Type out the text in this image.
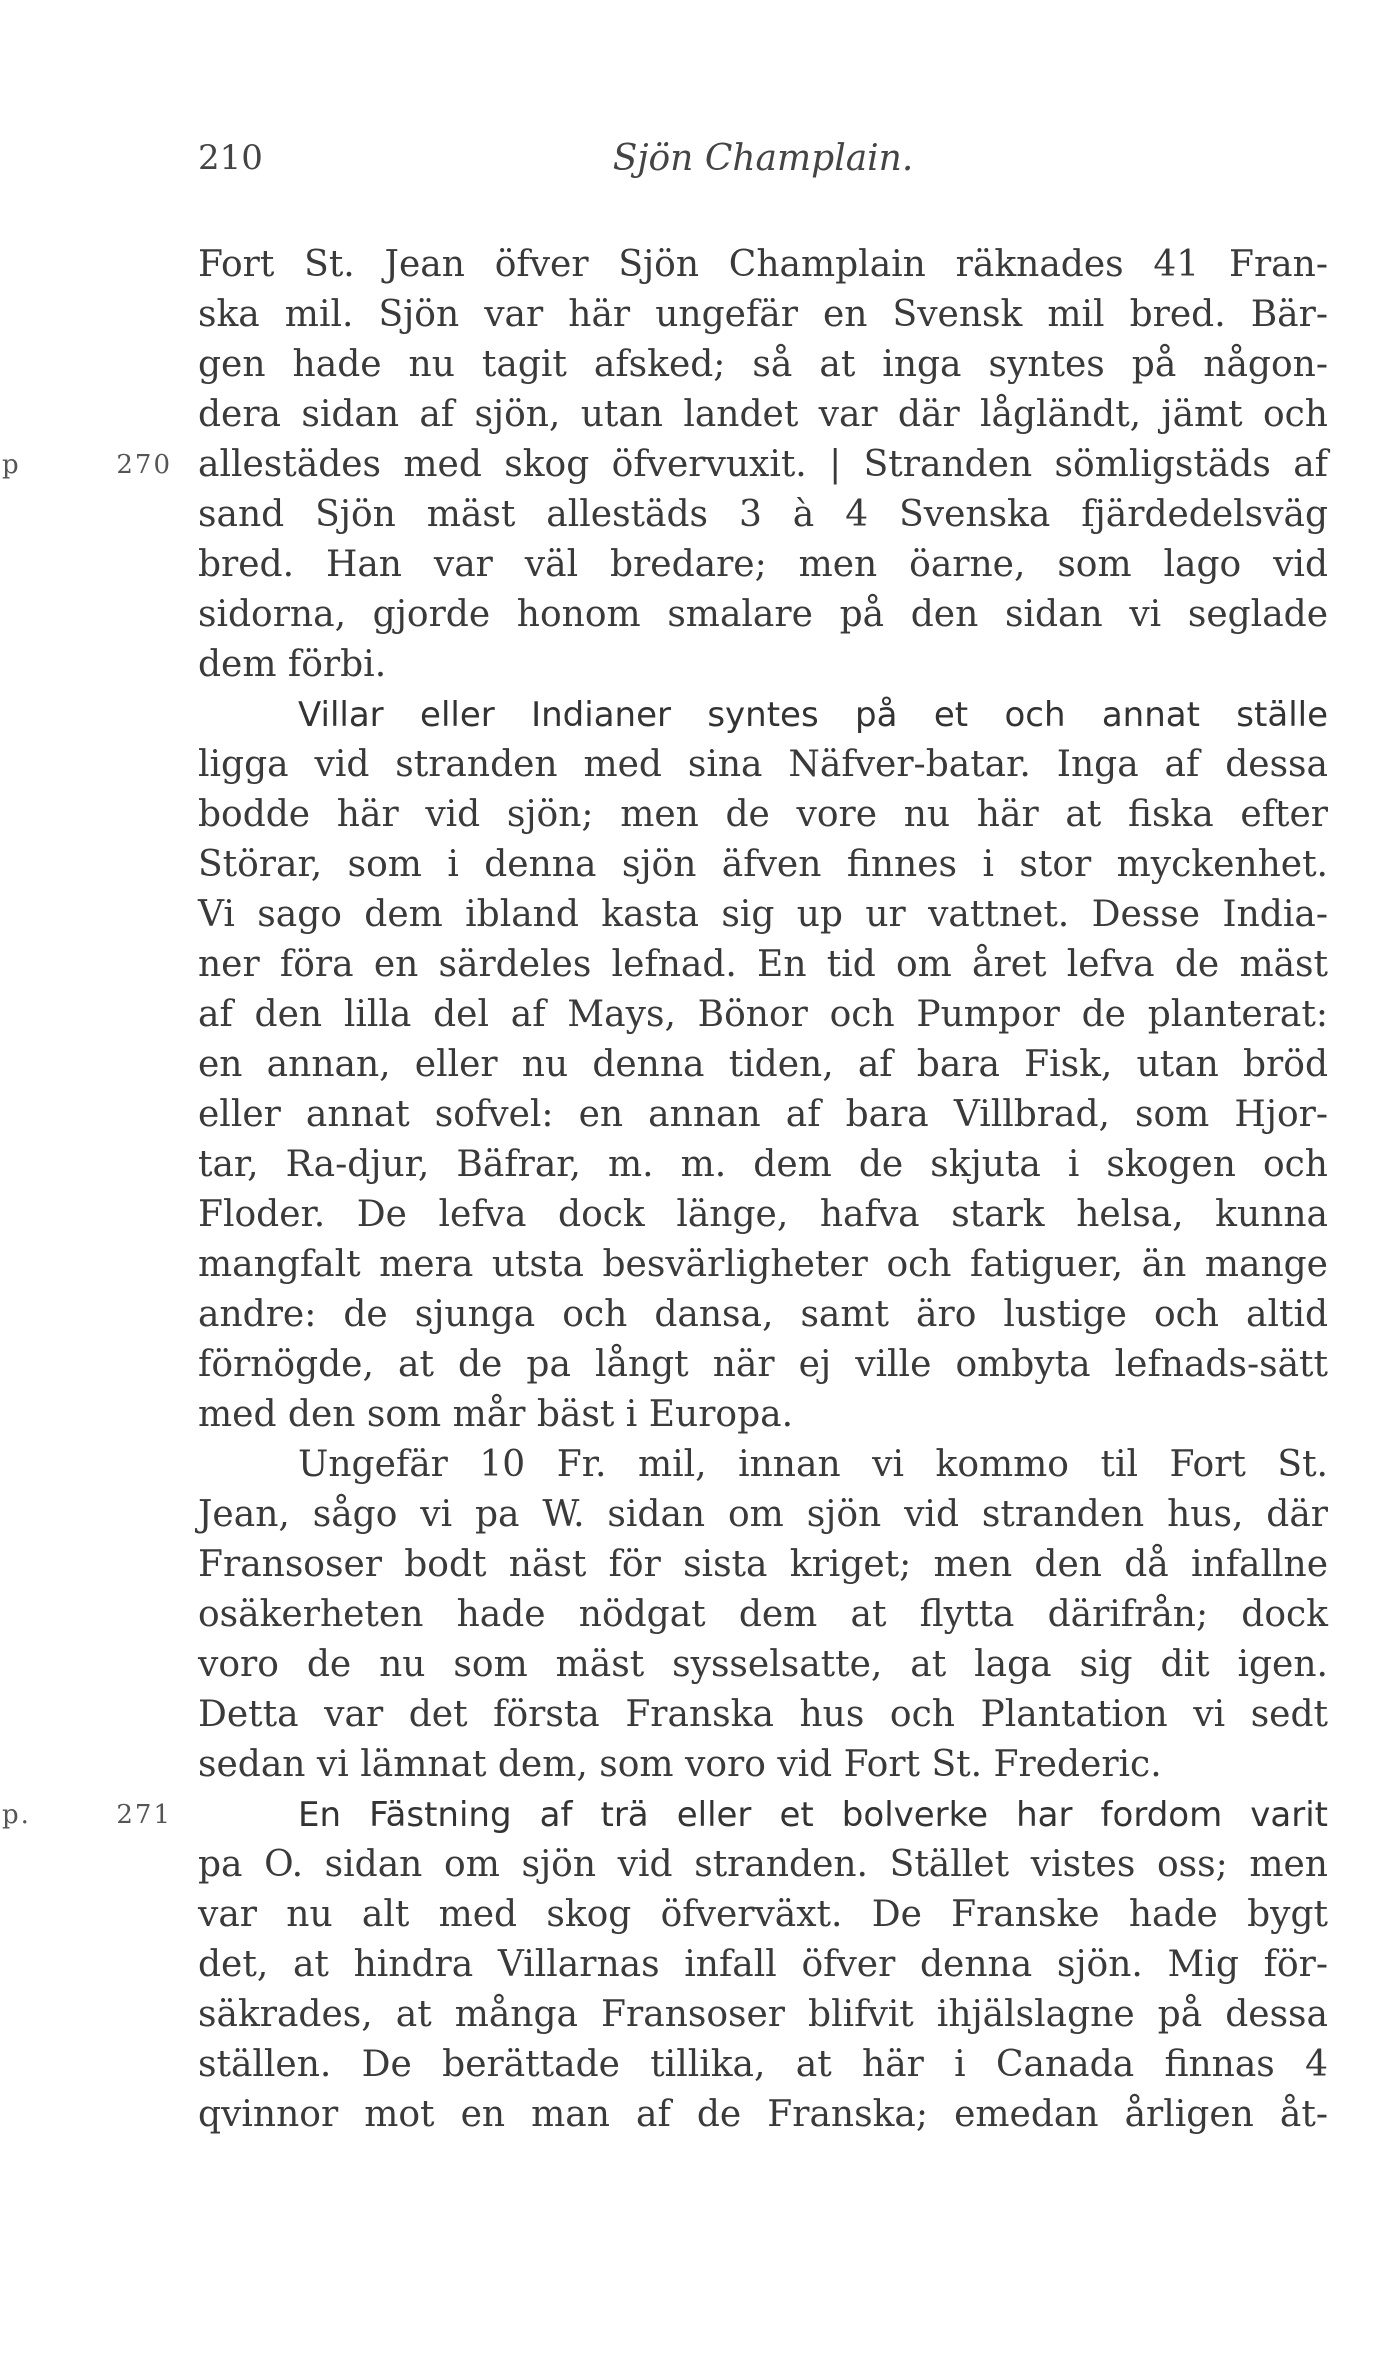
210	Sjön Champlain.
Fort St. Jean öfver Sjön Champlain räknades 41 Fran-
ska mil. Sjön var här ungefär en Svensk mil bred. Bär-
gen hade nu tagit afsked; så at inga syntes på någon-
dera sidan af sjön, utan landet var där lågländt, jämt och
p 270 allestädes med skog öfvervuxit. | Stranden sömligstäds af
sand Sjön mäst allestäds 3 à 4 Svenska fjärdedelsväg
bred. Han var väl bredare; men öarne, som lago vid
sidorna, gjorde honom smalare på den sidan vi seglade
dem förbi.
Villar eller Indianer syntes på et och annat ställe
ligga vid stranden med sina Näfver-batar. Inga af dessa
bodde här vid sjön; men de vore nu här at fiska efter
Störar, som i denna sjön äfven finnes i stor myckenhet.
Vi sago dem ibland kasta sig up ur vattnet. Desse India-
ner föra en särdeles lefnad. En tid om året lefva de mäst
af den lilla del af Mays, Bönor och Pumpor de planterat:
en annan, eller nu denna tiden, af bara Fisk, utan bröd
eller annat sofvel: en annan af bara Villbrad, som Hjor-
tar, Ra-djur, Bäfrar, m. m. dem de skjuta i skogen och
Floder. De lefva dock länge, hafva stark helsa, kunna
mangfalt mera utsta besvärligheter och fatiguer, än mange
andre: de sjunga och dansa, samt äro lustige och altid
förnögde, at de pa långt när ej ville ombyta lefnads-sätt
med den som mår bäst i Europa.
Ungefär 10 Fr. mil, innan vi kommo til Fort St.
Jean, sågo vi pa W. sidan om sjön vid stranden hus, där
Fransoser bodt näst för sista kriget; men den då infallne
osäkerheten hade nödgat dem at flytta därifrån; dock
voro de nu som mäst sysselsatte, at laga sig dit igen.
Detta var det första Franska hus och Plantation vi sedt
sedan vi lämnat dem, som voro vid Fort St. Frederic.
p. 271	En Fästning af trä eller et bolverke har fordom varit
pa O. sidan om sjön vid stranden. Stället vistes oss; men
var nu alt med skog öfverväxt. De Franske hade bygt
det, at hindra Villarnas infall öfver denna sjön. Mig för-
säkrades, at många Fransoser blifvit ihjälslagne på dessa
ställen. De berättade tillika, at här i Canada finnas 4
qvinnor mot en man af de Franska; emedan årligen åt-
